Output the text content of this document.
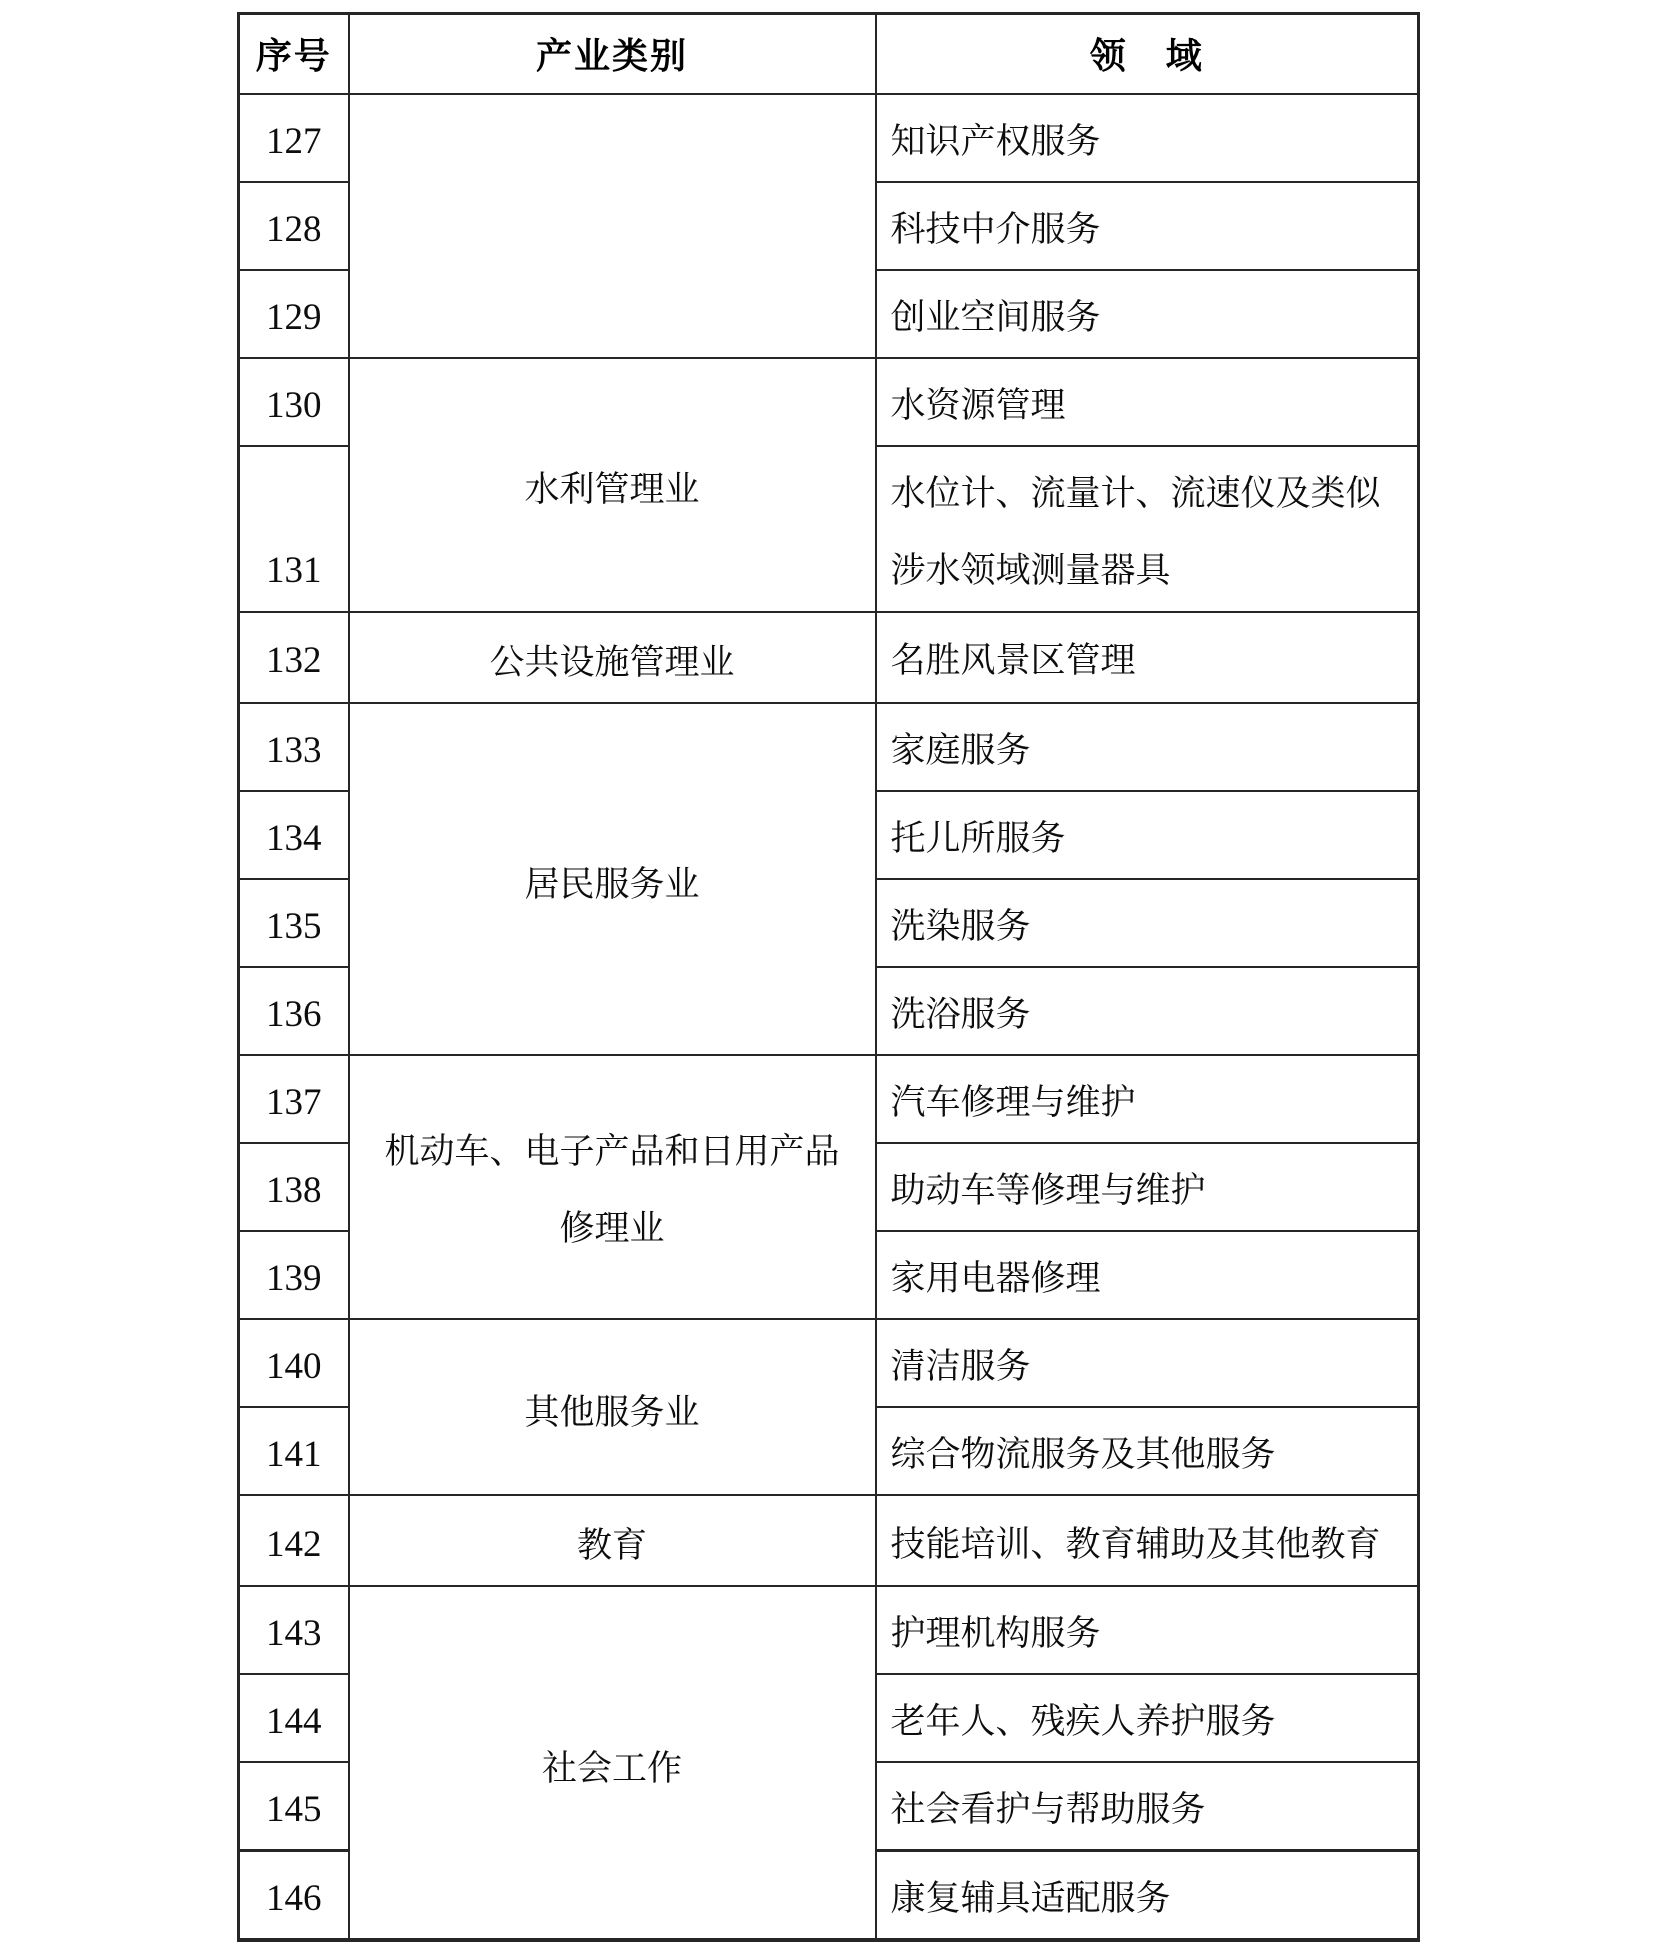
序号	产业类别	领　域
127		知识产权服务
128		科技中介服务
129		创业空间服务
130	水利管理业	水资源管理
131		水位计、流量计、流速仪及类似涉水领域测量器具
132	公共设施管理业	名胜风景区管理
133	居民服务业	家庭服务
134		托儿所服务
135		洗染服务
136		洗浴服务
137	机动车、电子产品和日用产品修理业	汽车修理与维护
138		助动车等修理与维护
139		家用电器修理
140	其他服务业	清洁服务
141		综合物流服务及其他服务
142	教育	技能培训、教育辅助及其他教育
143	社会工作	护理机构服务
144		老年人、残疾人养护服务
145		社会看护与帮助服务
146		康复辅具适配服务
